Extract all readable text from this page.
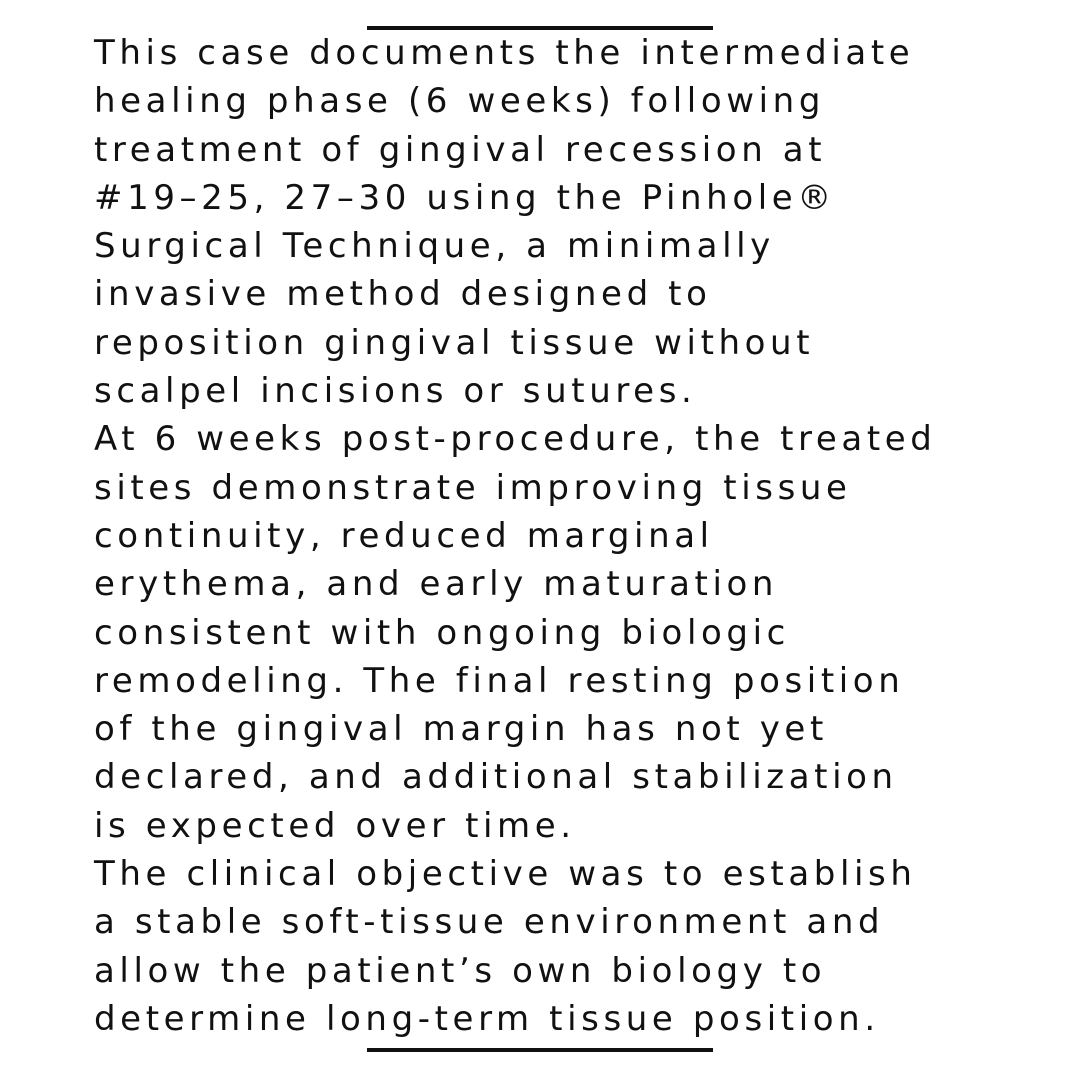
This case documents the intermediate
healing phase (6 weeks) following
treatment of gingival recession at
#19–25, 27–30 using the Pinhole®
Surgical Technique, a minimally
invasive method designed to
reposition gingival tissue without
scalpel incisions or sutures.
At 6 weeks post-procedure, the treated
sites demonstrate improving tissue
continuity, reduced marginal
erythema, and early maturation
consistent with ongoing biologic
remodeling. The final resting position
of the gingival margin has not yet
declared, and additional stabilization
is expected over time.
The clinical objective was to establish
a stable soft-tissue environment and
allow the patient’s own biology to
determine long-term tissue position.
